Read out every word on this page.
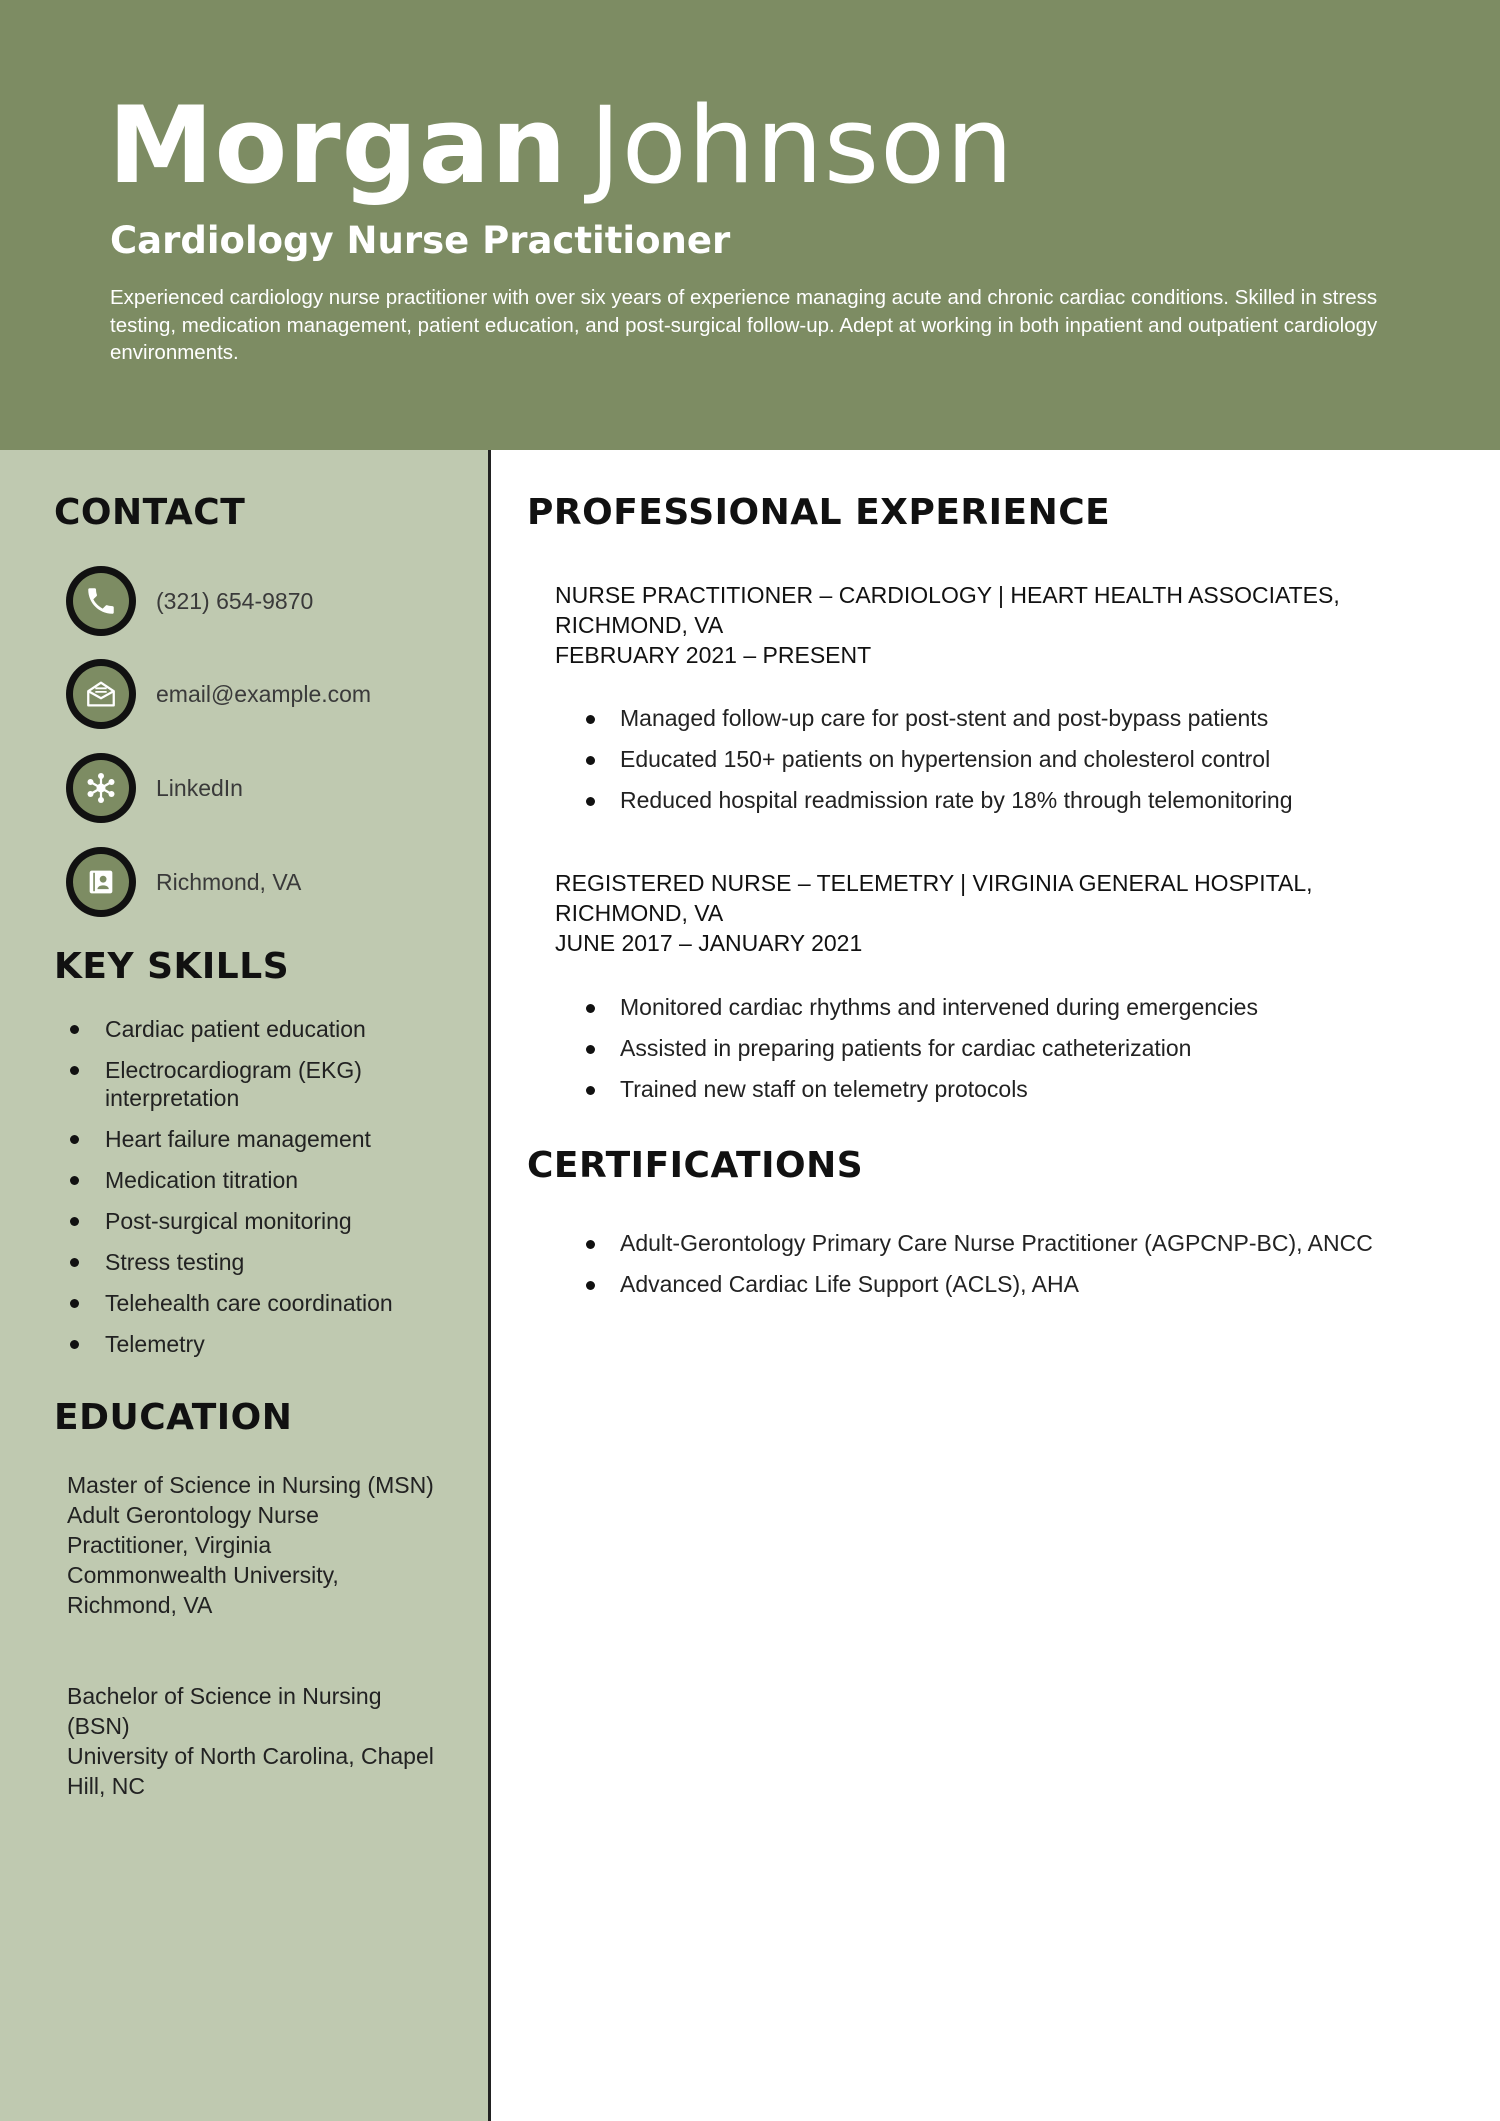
Morgan Johnson
Cardiology Nurse Practitioner

Experienced cardiology nurse practitioner with over six years of experience managing acute and chronic cardiac conditions. Skilled in stress testing, medication management, patient education, and post-surgical follow-up. Adept at working in both inpatient and outpatient cardiology environments.

CONTACT
(321) 654-9870
email@example.com
LinkedIn
Richmond, VA
KEY SKILLS
Cardiac patient education
Electrocardiogram (EKG) interpretation
Heart failure management
Medication titration
Post-surgical monitoring
Stress testing
Telehealth care coordination
Telemetry
EDUCATION
Master of Science in Nursing (MSN)
Adult Gerontology Nurse Practitioner, Virginia Commonwealth University, Richmond, VA
Bachelor of Science in Nursing (BSN)
University of North Carolina, Chapel Hill, NC
PROFESSIONAL EXPERIENCE
NURSE PRACTITIONER – CARDIOLOGY | HEART HEALTH ASSOCIATES, RICHMOND, VA
FEBRUARY 2021 – PRESENT
Managed follow-up care for post-stent and post-bypass patients
Educated 150+ patients on hypertension and cholesterol control
Reduced hospital readmission rate by 18% through telemonitoring
REGISTERED NURSE – TELEMETRY | VIRGINIA GENERAL HOSPITAL, RICHMOND, VA
JUNE 2017 – JANUARY 2021
Monitored cardiac rhythms and intervened during emergencies
Assisted in preparing patients for cardiac catheterization
Trained new staff on telemetry protocols
CERTIFICATIONS
Adult-Gerontology Primary Care Nurse Practitioner (AGPCNP-BC), ANCC
Advanced Cardiac Life Support (ACLS), AHA
